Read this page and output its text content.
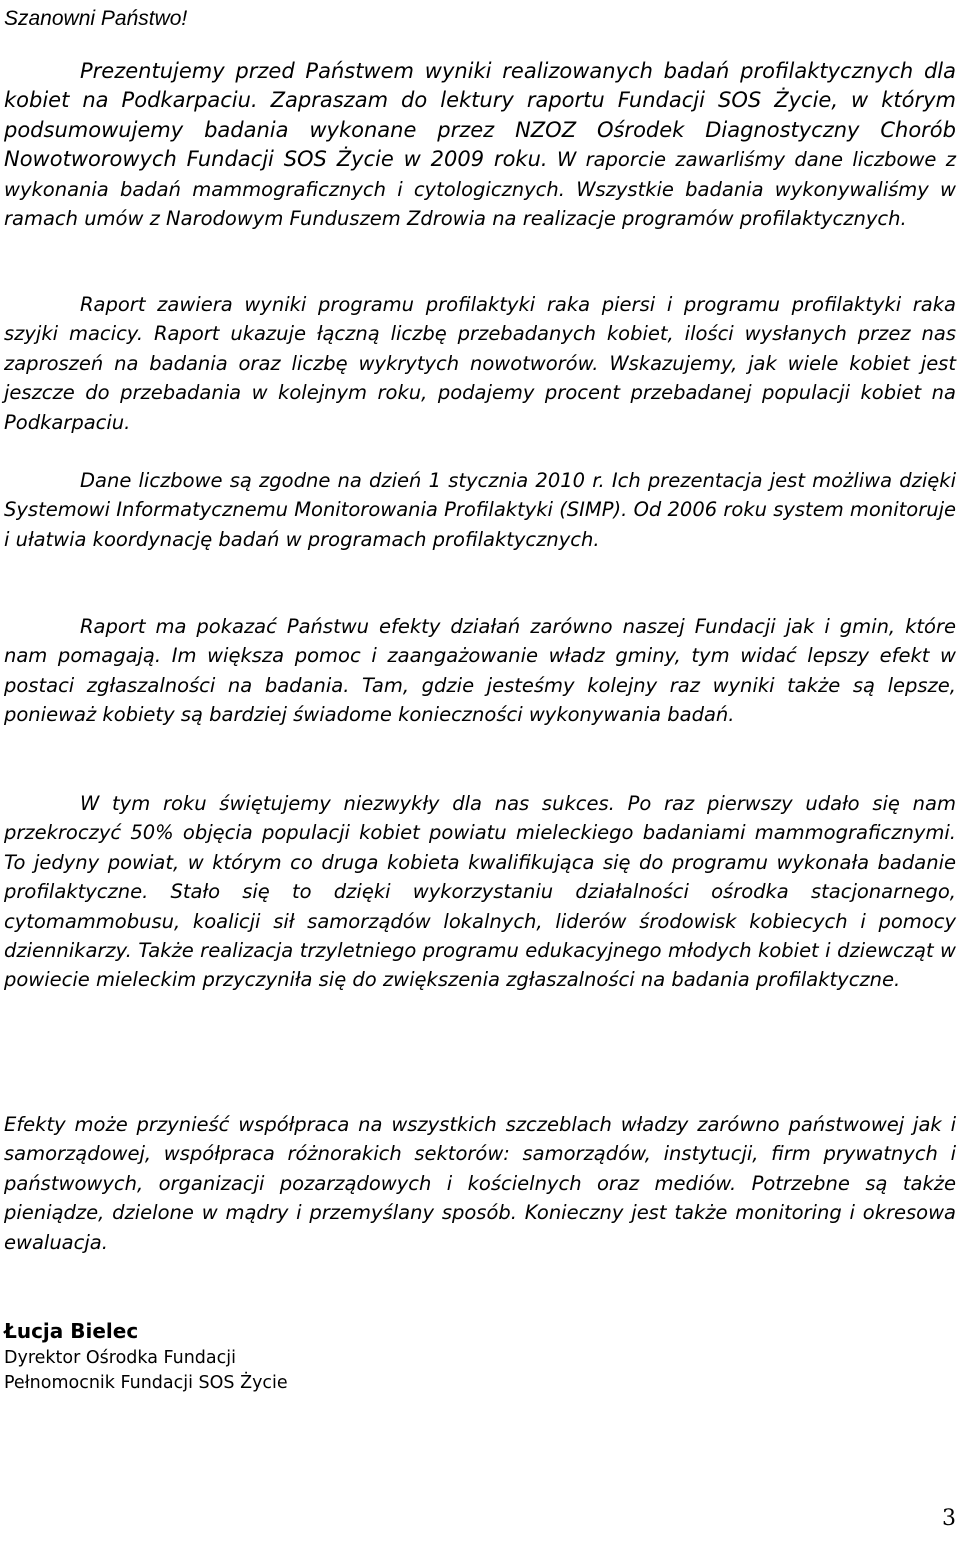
Szanowni Państwo!

Prezentujemy przed Państwem wyniki realizowanych badań profilaktycznych dla kobiet na Podkarpaciu. Zapraszam do lektury raportu Fundacji SOS Życie, w którym podsumowujemy badania wykonane przez NZOZ Ośrodek Diagnostyczny Chorób Nowotworowych Fundacji SOS Życie w 2009 roku. W raporcie zawarliśmy dane liczbowe z wykonania badań mammograficznych i cytologicznych. Wszystkie badania wykonywaliśmy w ramach umów z Narodowym Funduszem Zdrowia na realizacje programów profilaktycznych.

Raport zawiera wyniki programu profilaktyki raka piersi i programu profilaktyki raka szyjki macicy. Raport ukazuje łączną liczbę przebadanych kobiet, ilości wysłanych przez nas zaproszeń na badania oraz liczbę wykrytych nowotworów. Wskazujemy, jak wiele kobiet jest jeszcze do przebadania w kolejnym roku, podajemy procent przebadanej populacji kobiet na Podkarpaciu.

Dane liczbowe są zgodne na dzień 1 stycznia 2010 r. Ich prezentacja jest możliwa dzięki Systemowi Informatycznemu Monitorowania Profilaktyki (SIMP). Od 2006 roku system monitoruje i ułatwia koordynację badań w programach profilaktycznych.

Raport ma pokazać Państwu efekty działań zarówno naszej Fundacji jak i gmin, które nam pomagają. Im większa pomoc i zaangażowanie władz gminy, tym widać lepszy efekt w postaci zgłaszalności na badania. Tam, gdzie jesteśmy kolejny raz wyniki także są lepsze, ponieważ kobiety są bardziej świadome konieczności wykonywania badań.

W tym roku świętujemy niezwykły dla nas sukces. Po raz pierwszy udało się nam przekroczyć 50% objęcia populacji kobiet powiatu mieleckiego badaniami mammograficznymi. To jedyny powiat, w którym co druga kobieta kwalifikująca się do programu wykonała badanie profilaktyczne. Stało się to dzięki wykorzystaniu działalności ośrodka stacjonarnego, cytomammobusu, koalicji sił samorządów lokalnych, liderów środowisk kobiecych i pomocy dziennikarzy. Także realizacja trzyletniego programu edukacyjnego młodych kobiet i dziewcząt w powiecie mieleckim przyczyniła się do zwiększenia zgłaszalności na badania profilaktyczne.

Efekty może przynieść współpraca na wszystkich szczeblach władzy zarówno państwowej jak i samorządowej, współpraca różnorakich sektorów: samorządów, instytucji, firm prywatnych i państwowych, organizacji pozarządowych i kościelnych oraz mediów. Potrzebne są także pieniądze, dzielone w mądry i przemyślany sposób. Konieczny jest także monitoring i okresowa ewaluacja.

Łucja Bielec

Dyrektor Ośrodka Fundacji

Pełnomocnik Fundacji SOS Życie

3
